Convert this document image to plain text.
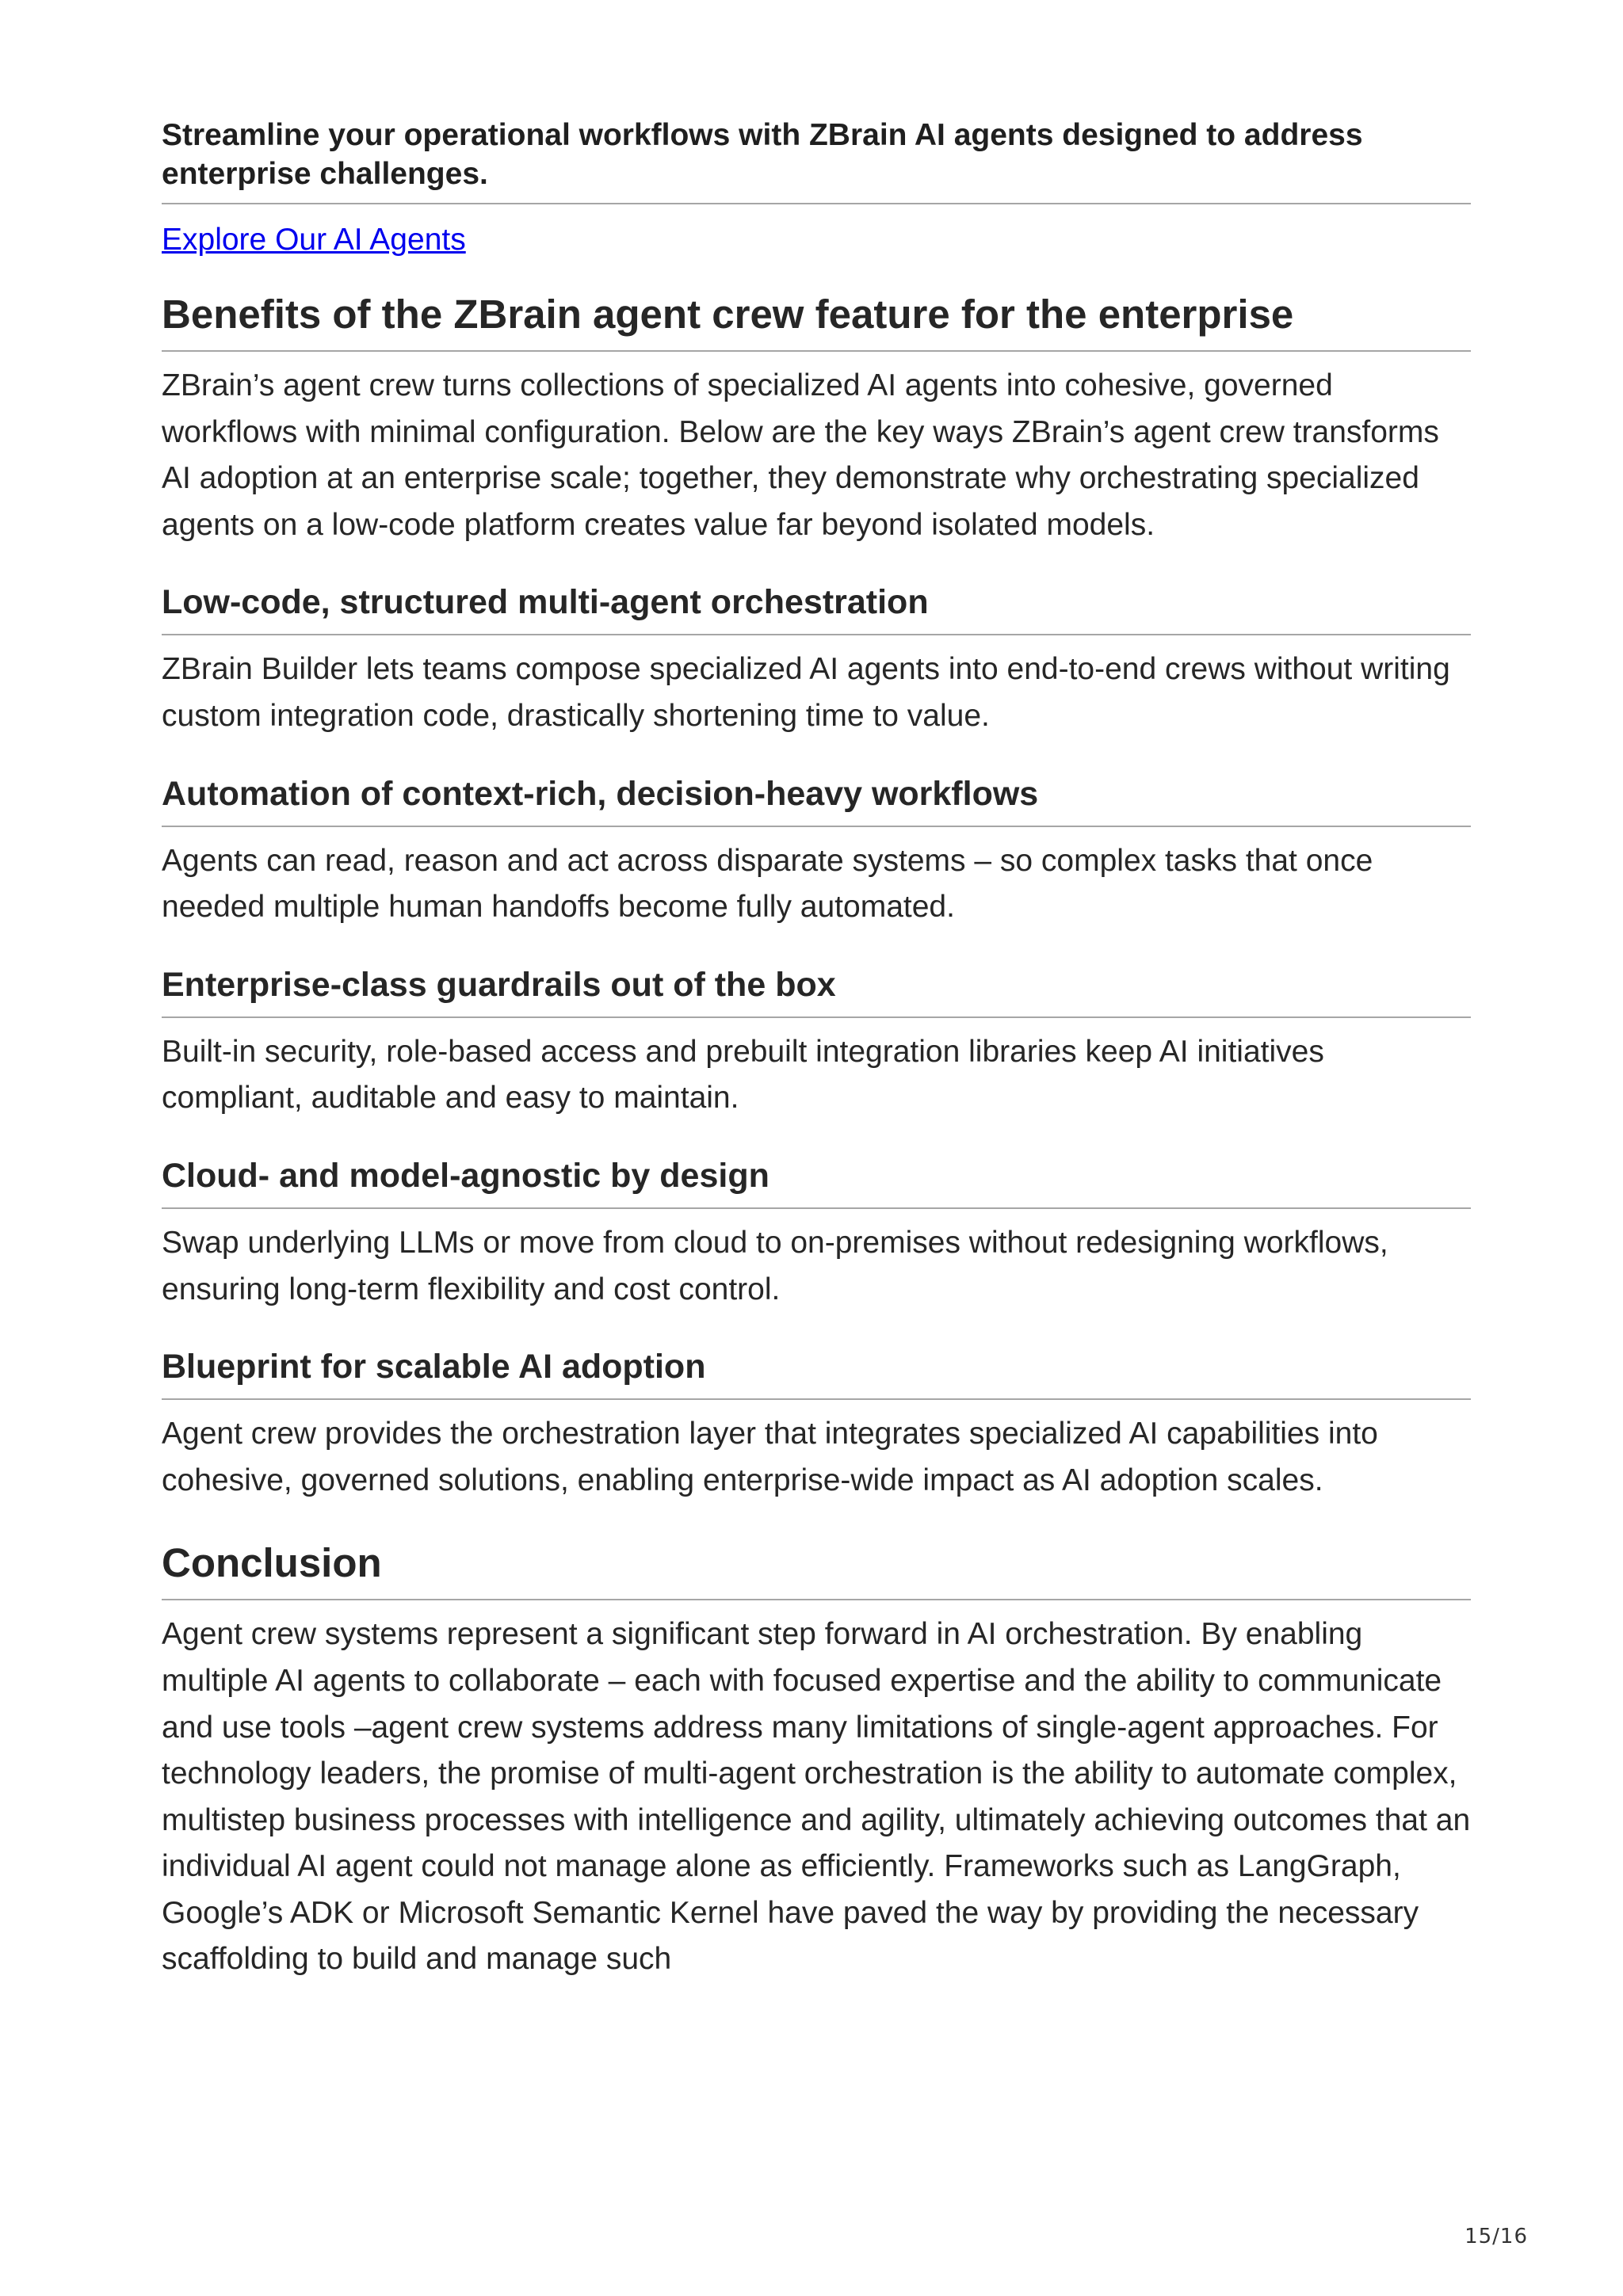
Streamline your operational workflows with ZBrain AI agents designed to address enterprise challenges.
Explore Our AI Agents
Benefits of the ZBrain agent crew feature for the enterprise

ZBrain’s agent crew turns collections of specialized AI agents into cohesive, governed workflows with minimal configuration. Below are the key ways ZBrain’s agent crew transforms AI adoption at an enterprise scale; together, they demonstrate why orchestrating specialized agents on a low-code platform creates value far beyond isolated models.

Low-code, structured multi-agent orchestration

ZBrain Builder lets teams compose specialized AI agents into end-to-end crews without writing custom integration code, drastically shortening time to value.

Automation of context-rich, decision-heavy workflows

Agents can read, reason and act across disparate systems – so complex tasks that once needed multiple human handoffs become fully automated.

Enterprise-class guardrails out of the box

Built-in security, role-based access and prebuilt integration libraries keep AI initiatives compliant, auditable and easy to maintain.

Cloud- and model-agnostic by design

Swap underlying LLMs or move from cloud to on-premises without redesigning workflows, ensuring long-term flexibility and cost control.

Blueprint for scalable AI adoption

Agent crew provides the orchestration layer that integrates specialized AI capabilities into cohesive, governed solutions, enabling enterprise-wide impact as AI adoption scales.

Conclusion

Agent crew systems represent a significant step forward in AI orchestration. By enabling multiple AI agents to collaborate – each with focused expertise and the ability to communicate and use tools –agent crew systems address many limitations of single-agent approaches. For technology leaders, the promise of multi-agent orchestration is the ability to automate complex, multistep business processes with intelligence and agility, ultimately achieving outcomes that an individual AI agent could not manage alone as efficiently. Frameworks such as LangGraph, Google’s ADK or Microsoft Semantic Kernel have paved the way by providing the necessary scaffolding to build and manage such

15/16
